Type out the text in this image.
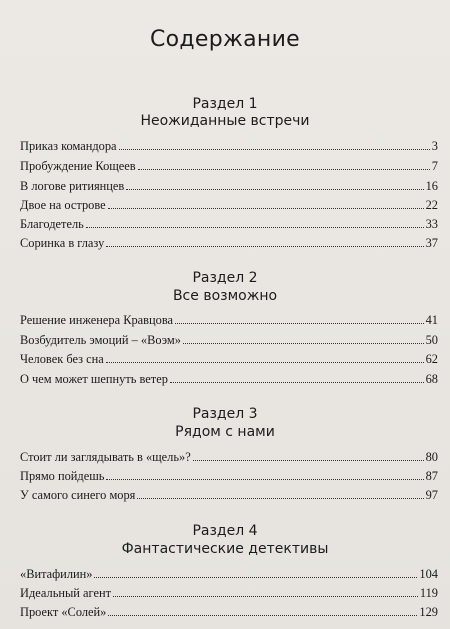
Содержание
Раздел 1
Неожиданные встречи
Приказ командора	3
Пробуждение Кощеев	7
В логове ритиянцев	16
Двое на острове	22
Благодетель	33
Соринка в глазу	37
Раздел 2
Все возможно
Решение инженера Кравцова	41
Возбудитель эмоций – «Воэм»	50
Человек без сна	62
О чем может шепнуть ветер	68
Раздел 3
Рядом с нами
Стоит ли заглядывать в «щель»?	80
Прямо пойдешь	87
У самого синего моря	97
Раздел 4
Фантастические детективы
«Витафилин»	104
Идеальный агент	119
Проект «Солей»	129
